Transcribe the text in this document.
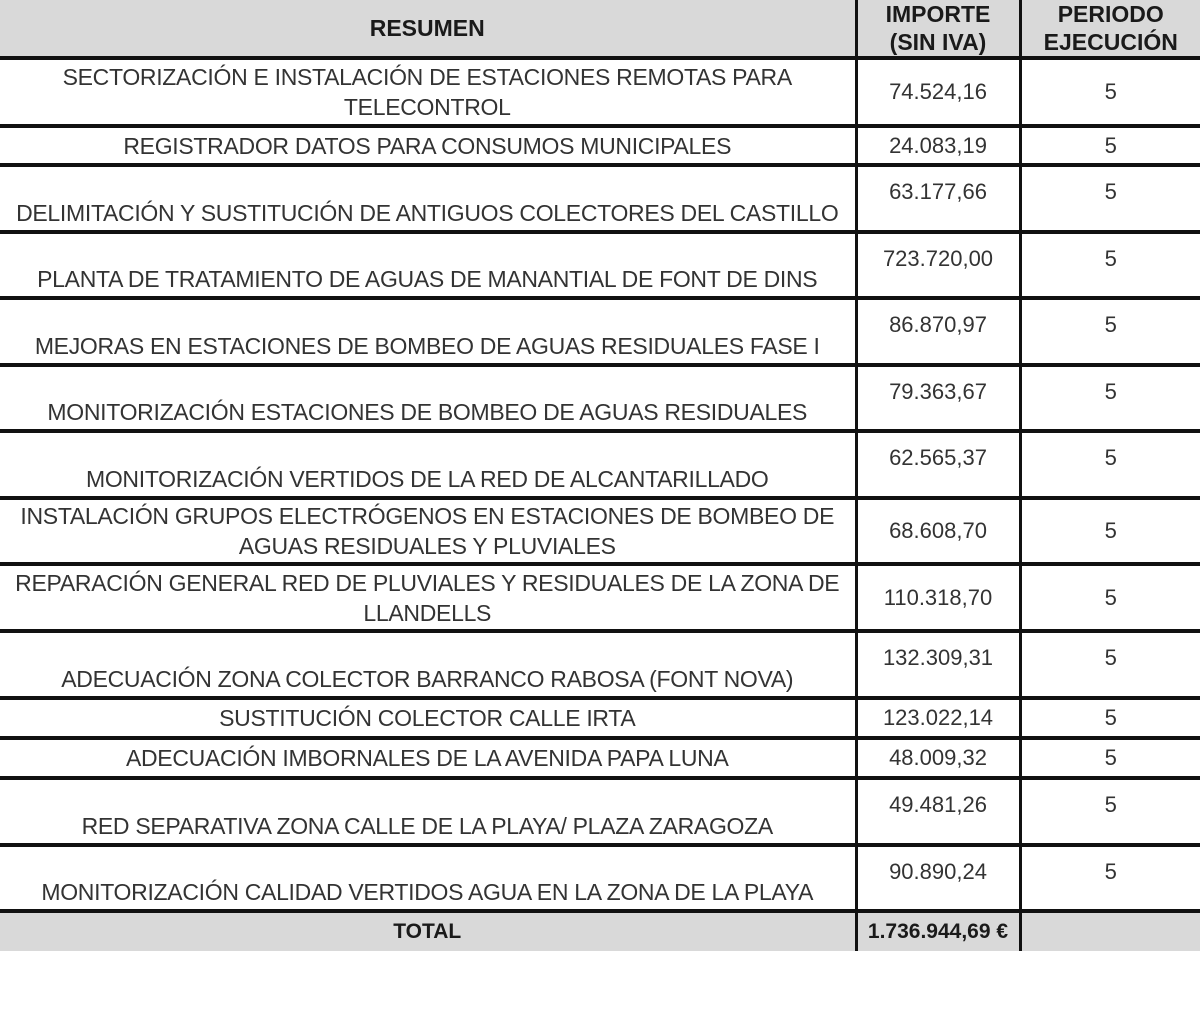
RESUMEN	IMPORTE (SIN IVA)	PERIODO EJECUCIÓN
SECTORIZACIÓN E INSTALACIÓN DE ESTACIONES REMOTAS PARA TELECONTROL	74.524,16	5
REGISTRADOR DATOS PARA CONSUMOS MUNICIPALES	24.083,19	5
DELIMITACIÓN Y SUSTITUCIÓN DE ANTIGUOS COLECTORES DEL CASTILLO	63.177,66	5
PLANTA DE TRATAMIENTO DE AGUAS DE MANANTIAL DE FONT DE DINS	723.720,00	5
MEJORAS EN ESTACIONES DE BOMBEO DE AGUAS RESIDUALES FASE I	86.870,97	5
MONITORIZACIÓN ESTACIONES DE BOMBEO DE AGUAS RESIDUALES	79.363,67	5
MONITORIZACIÓN VERTIDOS DE LA RED DE ALCANTARILLADO	62.565,37	5
INSTALACIÓN GRUPOS ELECTRÓGENOS EN ESTACIONES DE BOMBEO DE AGUAS RESIDUALES Y PLUVIALES	68.608,70	5
REPARACIÓN GENERAL RED DE PLUVIALES Y RESIDUALES DE LA ZONA DE LLANDELLS	110.318,70	5
ADECUACIÓN ZONA COLECTOR BARRANCO RABOSA (FONT NOVA)	132.309,31	5
SUSTITUCIÓN COLECTOR CALLE IRTA	123.022,14	5
ADECUACIÓN IMBORNALES DE LA AVENIDA PAPA LUNA	48.009,32	5
RED SEPARATIVA ZONA CALLE DE LA PLAYA/ PLAZA ZARAGOZA	49.481,26	5
MONITORIZACIÓN CALIDAD VERTIDOS AGUA EN LA ZONA DE LA PLAYA	90.890,24	5
TOTAL	1.736.944,69 €	
